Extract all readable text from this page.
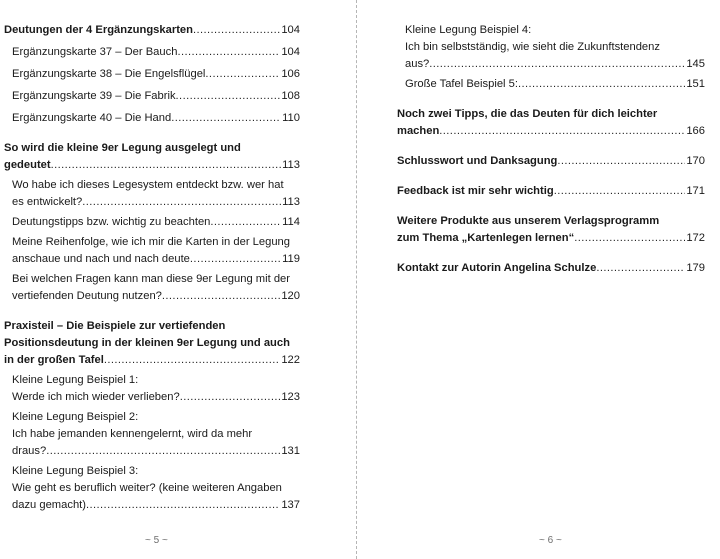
Deutungen der 4 Ergänzungskarten .....	104
Ergänzungskarte 37 – Der Bauch .....	104
Ergänzungskarte 38 – Die Engelsflügel .....	106
Ergänzungskarte 39 – Die Fabrik .....	108
Ergänzungskarte 40 – Die Hand .....	110
So wird die kleine 9er Legung ausgelegt und
gedeutet .....	113
Wo habe ich dieses Legesystem entdeckt bzw. wer hat
es entwickelt? .....	113
Deutungstipps bzw. wichtig zu beachten .....	114
Meine Reihenfolge, wie ich mir die Karten in der Legung
anschaue und nach und nach deute .....	119
Bei welchen Fragen kann man diese 9er Legung mit der
vertiefenden Deutung nutzen? .....	120
Praxisteil – Die Beispiele zur vertiefenden
Positionsdeutung in der kleinen 9er Legung und auch
in der großen Tafel .....	122
Kleine Legung Beispiel 1:
Werde ich mich wieder verlieben? .....	123
Kleine Legung Beispiel 2:
Ich habe jemanden kennengelernt, wird da mehr
draus? .....	131
Kleine Legung Beispiel 3:
Wie geht es beruflich weiter? (keine weiteren Angaben
dazu gemacht) .....	137
~ 5 ~
Kleine Legung Beispiel 4:
Ich bin selbstständig, wie sieht die Zukunftstendenz
aus? .....	145
Große Tafel Beispiel 5: .....	151
Noch zwei Tipps, die das Deuten für dich leichter
machen .....	166
Schlusswort und Danksagung .....	170
Feedback ist mir sehr wichtig .....	171
Weitere Produkte aus unserem Verlagsprogramm
zum Thema „Kartenlegen lernen“ .....	172
Kontakt zur Autorin Angelina Schulze .....	179
~ 6 ~
